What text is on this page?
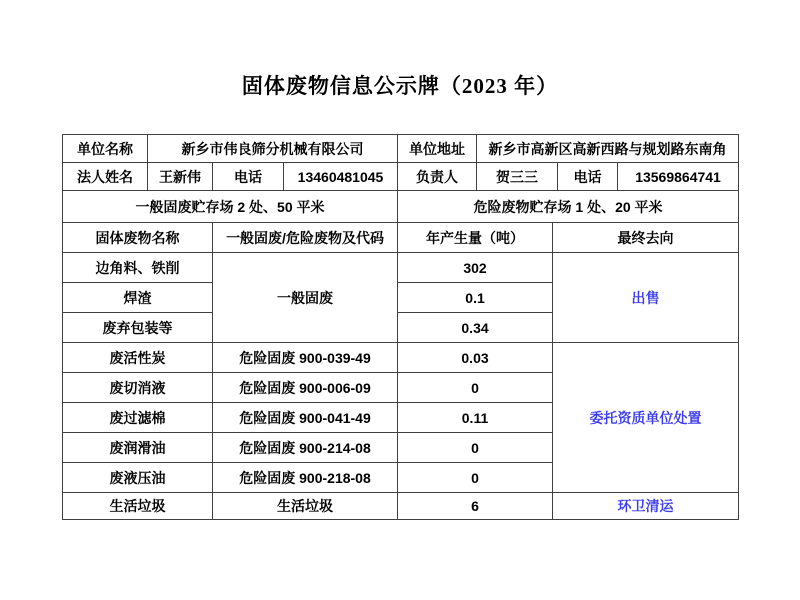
固体废物信息公示牌（2023 年）
单位名称	新乡市伟良筛分机械有限公司			单位地址	新乡市高新区高新西路与规划路东南角			
法人姓名	王新伟	电话	13460481045	负责人	贺三三		电话	13569864741
一般固废贮存场 2 处、50 平米				危险废物贮存场 1 处、20 平米				
固体废物名称		一般固废/危险废物及代码		年产生量（吨）		最终去向		
边角料、铁削		一般固废		302		出售		
焊渣				0.1				
废弃包装等				0.34				
废活性炭		危险固废 900-039-49		0.03		委托资质单位处置		
废切消液		危险固废 900-006-09		0				
废过滤棉		危险固废 900-041-49		0.11				
废润滑油		危险固废 900-214-08		0				
废液压油		危险固废 900-218-08		0				
生活垃圾		生活垃圾		6		环卫清运		
